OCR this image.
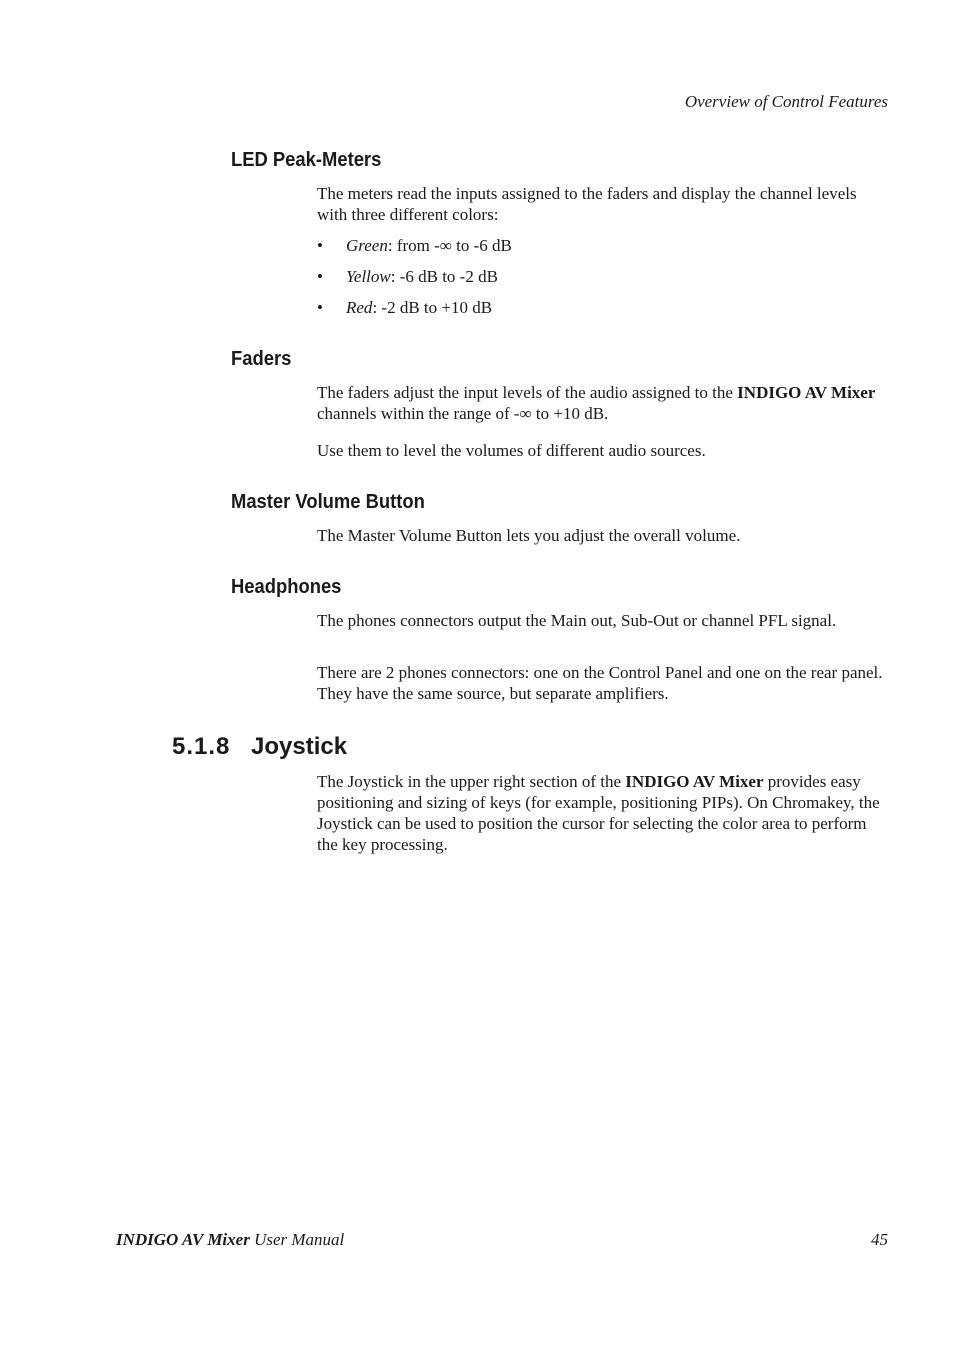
Overview of Control Features
LED Peak-Meters

The meters read the inputs assigned to the faders and display the channel levels with three different colors:

• Green: from -∞ to -6 dB
• Yellow: -6 dB to -2 dB
• Red: -2 dB to +10 dB
Faders

The faders adjust the input levels of the audio assigned to the INDIGO AV Mixer channels within the range of -∞ to +10 dB.

Use them to level the volumes of different audio sources.

Master Volume Button

The Master Volume Button lets you adjust the overall volume.

Headphones

The phones connectors output the Main out, Sub-Out or channel PFL signal.

There are 2 phones connectors: one on the Control Panel and one on the rear panel. They have the same source, but separate amplifiers.

5.1.8 Joystick

The Joystick in the upper right section of the INDIGO AV Mixer provides easy positioning and sizing of keys (for example, positioning PIPs). On Chromakey, the Joystick can be used to position the cursor for selecting the color area to perform the key processing.

INDIGO AV Mixer User Manual	45
